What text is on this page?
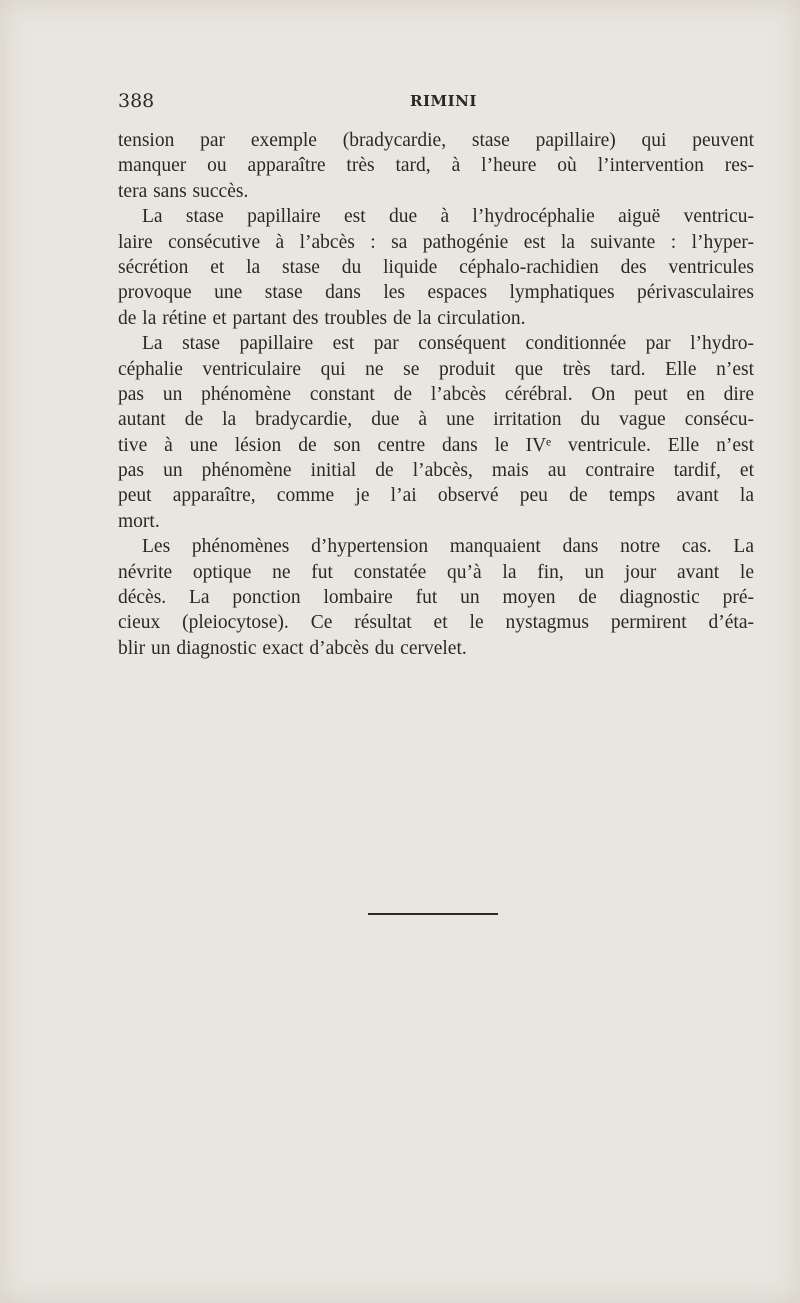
388	RIMINI
tension par exemple (bradycardie, stase papillaire) qui peuvent
manquer ou apparaître très tard, à l’heure où l’intervention res-
tera sans succès.
La stase papillaire est due à l’hydrocéphalie aiguë ventricu-
laire consécutive à l’abcès : sa pathogénie est la suivante : l’hyper-
sécrétion et la stase du liquide céphalo-rachidien des ventricules
provoque une stase dans les espaces lymphatiques périvasculaires
de la rétine et partant des troubles de la circulation.
La stase papillaire est par conséquent conditionnée par l’hydro-
céphalie ventriculaire qui ne se produit que très tard. Elle n’est
pas un phénomène constant de l’abcès cérébral. On peut en dire
autant de la bradycardie, due à une irritation du vague consécu-
tive à une lésion de son centre dans le IVᵉ ventricule. Elle n’est
pas un phénomène initial de l’abcès, mais au contraire tardif, et
peut apparaître, comme je l’ai observé peu de temps avant la
mort.
Les phénomènes d’hypertension manquaient dans notre cas. La
névrite optique ne fut constatée qu’à la fin, un jour avant le
décès. La ponction lombaire fut un moyen de diagnostic pré-
cieux (pleiocytose). Ce résultat et le nystagmus permirent d’éta-
blir un diagnostic exact d’abcès du cervelet.
